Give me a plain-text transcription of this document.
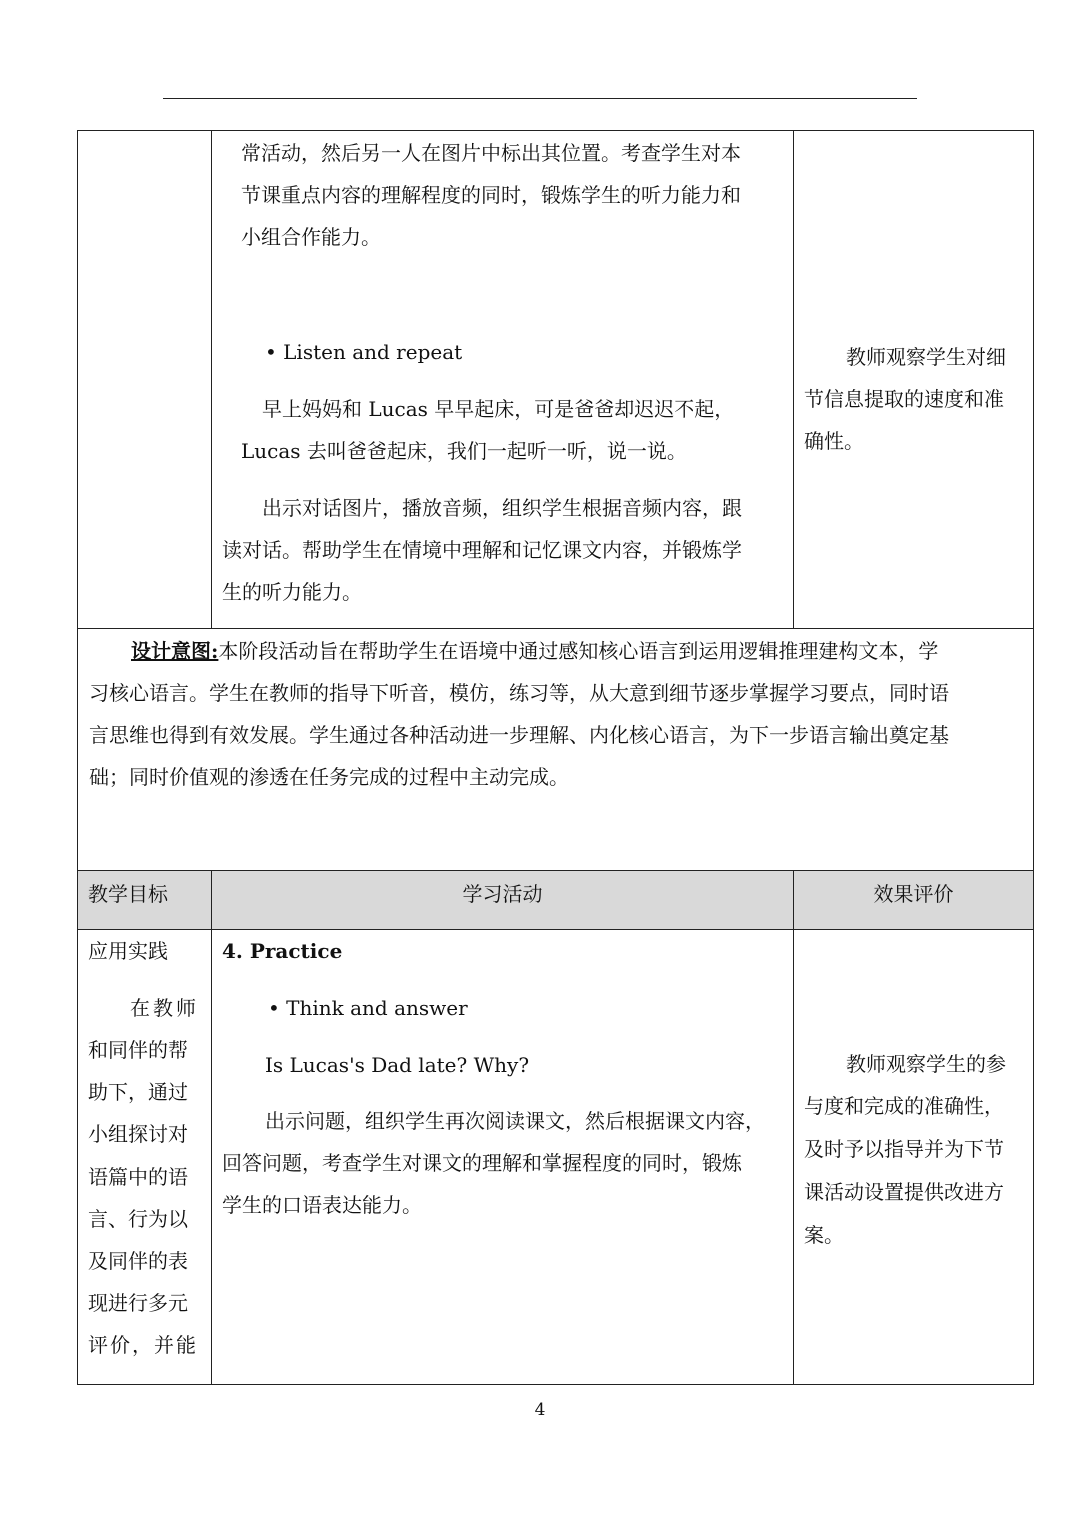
常活动，然后另一人在图片中标出其位置。考查学生对本
节课重点内容的理解程度的同时，锻炼学生的听力能力和
小组合作能力。
• Listen and repeat
早上妈妈和 Lucas 早早起床，可是爸爸却迟迟不起，
Lucas 去叫爸爸起床，我们一起听一听，说一说。
出示对话图片，播放音频，组织学生根据音频内容，跟
读对话。帮助学生在情境中理解和记忆课文内容，并锻炼学
生的听力能力。
教师观察学生对细
节信息提取的速度和准
确性。
设计意图:本阶段活动旨在帮助学生在语境中通过感知核心语言到运用逻辑推理建构文本，学
习核心语言。学生在教师的指导下听音，模仿，练习等，从大意到细节逐步掌握学习要点，同时语
言思维也得到有效发展。学生通过各种活动进一步理解、内化核心语言，为下一步语言输出奠定基
础；同时价值观的渗透在任务完成的过程中主动完成。
教学目标	学习活动	效果评价
应用实践
在教师
和同伴的帮
助下，通过
小组探讨对
语篇中的语
言、行为以
及同伴的表
现进行多元
评价，并能
4. Practice
• Think and answer
Is Lucas's Dad late? Why?
出示问题，组织学生再次阅读课文，然后根据课文内容，
回答问题，考查学生对课文的理解和掌握程度的同时，锻炼
学生的口语表达能力。
教师观察学生的参
与度和完成的准确性，
及时予以指导并为下节
课活动设置提供改进方
案。
4
